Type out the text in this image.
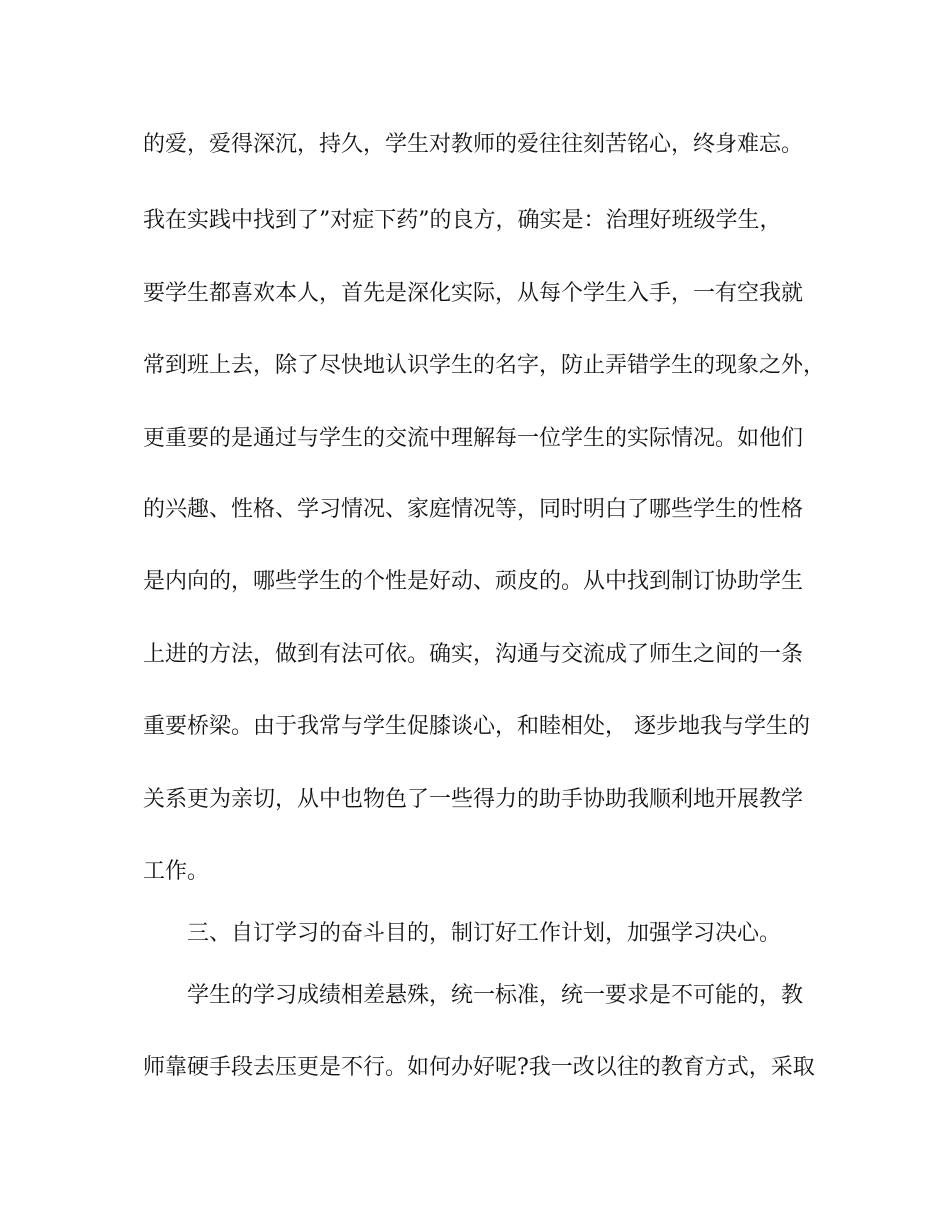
的爱，爱得深沉，持久，学生对教师的爱往往刻苦铭心，终身难忘。
我在实践中找到了”对症下药”的良方，确实是：治理好班级学生，
要学生都喜欢本人，首先是深化实际，从每个学生入手，一有空我就
常到班上去，除了尽快地认识学生的名字，防止弄错学生的现象之外，
更重要的是通过与学生的交流中理解每一位学生的实际情况。如他们
的兴趣、性格、学习情况、家庭情况等，同时明白了哪些学生的性格
是内向的，哪些学生的个性是好动、顽皮的。从中找到制订协助学生
上进的方法，做到有法可依。确实，沟通与交流成了师生之间的一条
重要桥梁。由于我常与学生促膝谈心，和睦相处， 逐步地我与学生的
关系更为亲切，从中也物色了一些得力的助手协助我顺利地开展教学
工作。
三、自订学习的奋斗目的，制订好工作计划，加强学习决心。
学生的学习成绩相差悬殊，统一标准，统一要求是不可能的，教
师靠硬手段去压更是不行。如何办好呢?我一改以往的教育方式，采取
